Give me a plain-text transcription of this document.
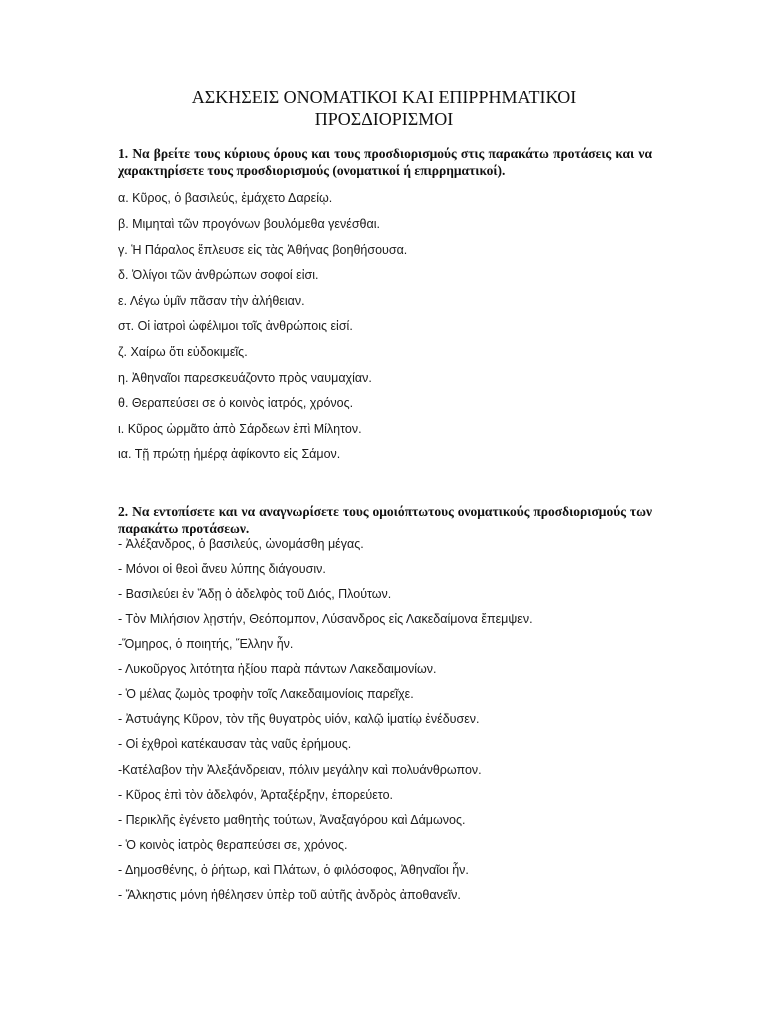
ΑΣΚΗΣΕΙΣ ΟΝΟΜΑΤΙΚΟΙ ΚΑΙ ΕΠΙΡΡΗΜΑΤΙΚΟΙ
ΠΡΟΣΔΙΟΡΙΣΜΟΙ
1. Να βρείτε τους κύριους όρους και τους προσδιορισμούς στις παρακάτω προτάσεις και να χαρακτηρίσετε τους προσδιορισμούς (ονοματικοί ή επιρρηματικοί).
α. Κῦρος, ὁ βασιλεύς, ἐμάχετο Δαρείῳ.
β. Μιμηταὶ τῶν προγόνων βουλόμεθα γενέσθαι.
γ. Ἡ Πάραλος ἔπλευσε εἰς τὰς Ἀθήνας βοηθήσουσα.
δ. Ὀλίγοι τῶν ἀνθρώπων σοφοί εἰσι.
ε. Λέγω ὑμῖν πᾶσαν τὴν ἀλήθειαν.
στ. Οἱ ἰατροὶ ὠφέλιμοι τοῖς ἀνθρώποις εἰσί.
ζ. Χαίρω ὅτι εὐδοκιμεῖς.
η. Ἀθηναῖοι παρεσκευάζοντο πρὸς ναυμαχίαν.
θ. Θεραπεύσει σε ὁ κοινὸς ἰατρός, χρόνος.
ι. Κῦρος ὡρμᾶτο ἀπὸ Σάρδεων ἐπὶ Μίλητον.
ια. Τῇ πρώτῃ ἡμέρᾳ ἀφίκοντο εἰς Σάμον.
2. Να εντοπίσετε και να αναγνωρίσετε τους ομοιόπτωτους ονοματικούς προσδιορισμούς των παρακάτω προτάσεων.
- Ἀλέξανδρος, ὁ βασιλεύς, ὠνομάσθη μέγας.
- Μόνοι οἱ θεοὶ ἄνευ λύπης διάγουσιν.
- Βασιλεύει ἐν Ἅδῃ ὁ ἀδελφὸς τοῦ Διός, Πλούτων.
- Τὸν Μιλήσιον λῃστήν, Θεόπομπον, Λύσανδρος εἰς Λακεδαίμονα ἔπεμψεν.
-Ὅμηρος, ὁ ποιητής, Ἕλλην ἦν.
- Λυκοῦργος λιτότητα ἠξίου παρὰ πάντων Λακεδαιμονίων.
- Ὁ μέλας ζωμὸς τροφὴν τοῖς Λακεδαιμονίοις παρεῖχε.
- Ἀστυάγης Κῦρον, τὸν τῆς θυγατρὸς υἱόν, καλῷ ἱματίῳ ἐνέδυσεν.
- Οἱ ἐχθροὶ κατέκαυσαν τὰς ναῦς ἐρήμους.
-Κατέλαβον τὴν Ἀλεξάνδρειαν, πόλιν μεγάλην καὶ πολυάνθρωπον.
- Κῦρος ἐπὶ τὸν ἀδελφόν, Ἀρταξέρξην, ἐπορεύετο.
- Περικλῆς ἐγένετο μαθητὴς τούτων, Ἀναξαγόρου καὶ Δάμωνος.
- Ὁ κοινὸς ἰατρὸς θεραπεύσει σε, χρόνος.
- Δημοσθένης, ὁ ῥήτωρ, καὶ Πλάτων, ὁ φιλόσοφος, Ἀθηναῖοι ἦν.
- Ἄλκηστις μόνη ἠθέλησεν ὑπὲρ τοῦ αὐτῆς ἀνδρὸς ἀποθανεῖν.
